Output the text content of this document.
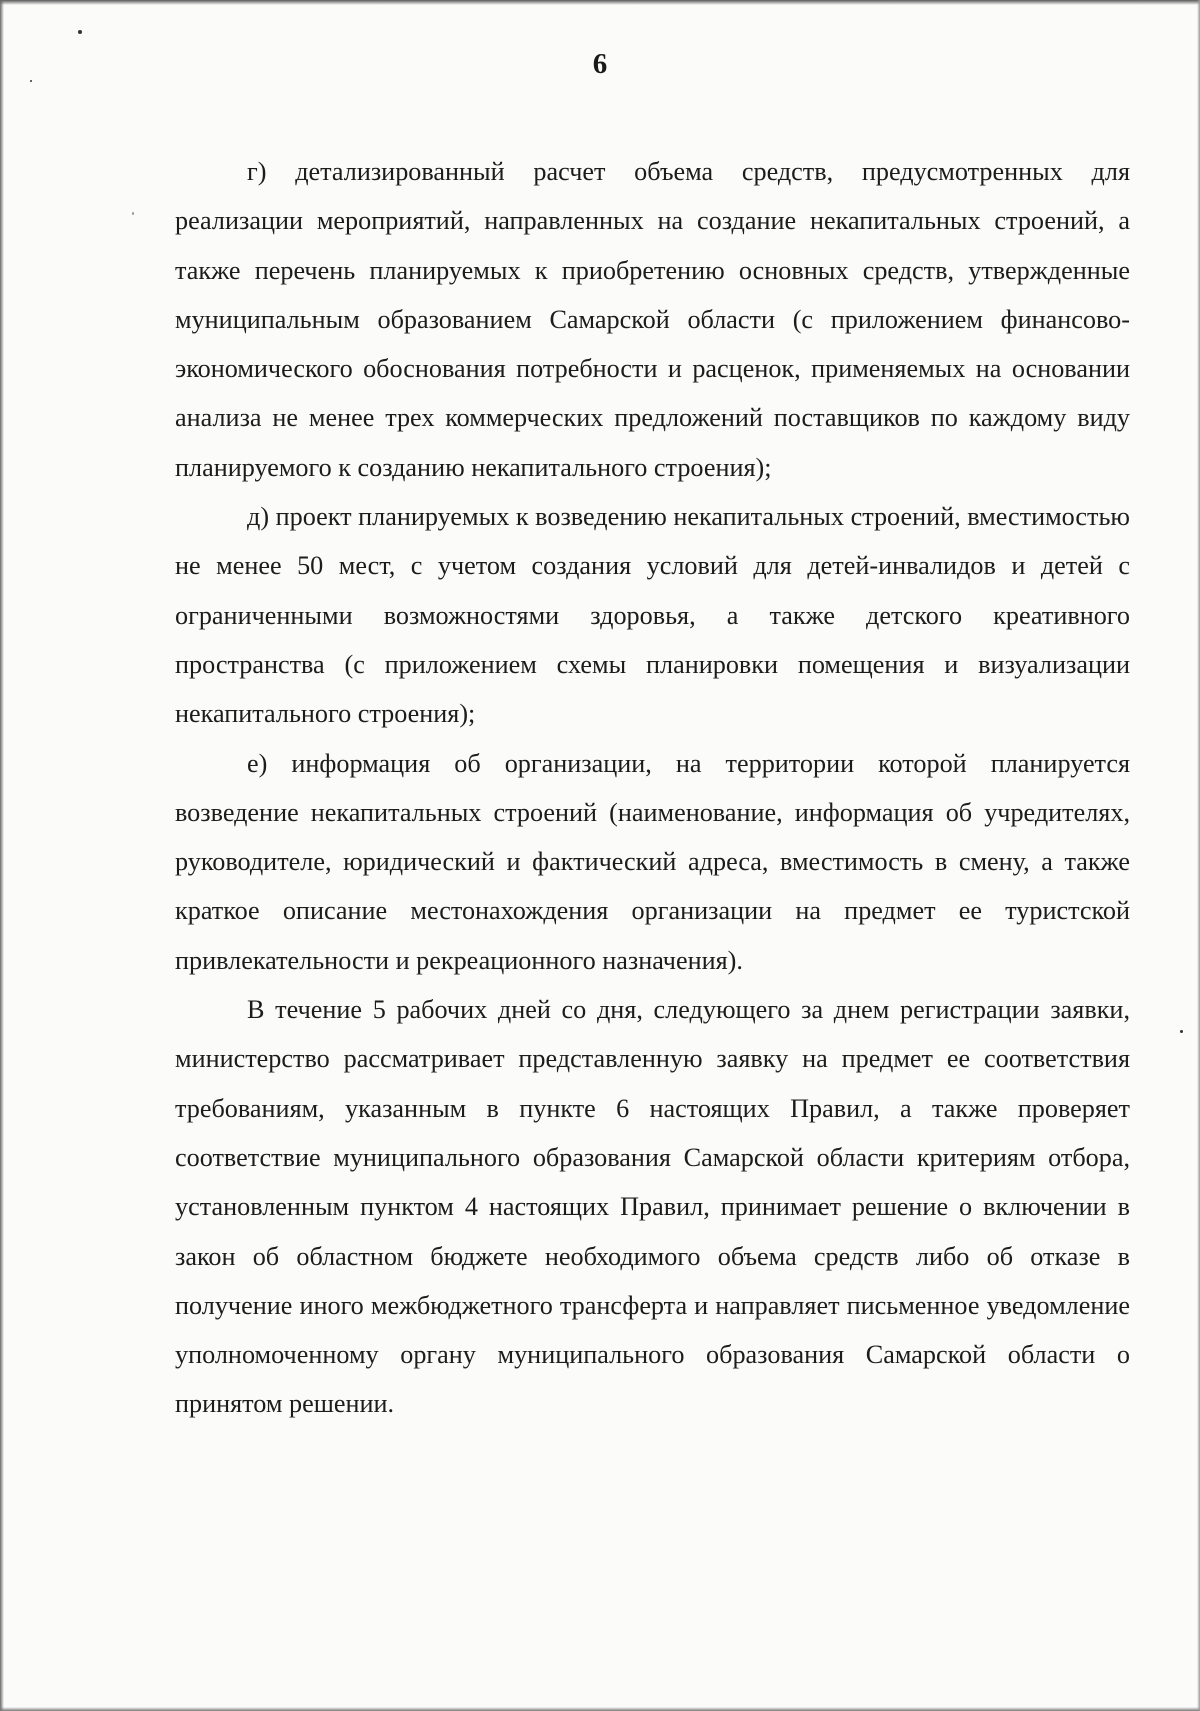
6

г) детализированный расчет объема средств, предусмотренных для реализации мероприятий, направленных на создание некапитальных строений, а также перечень планируемых к приобретению основных средств, утвержденные муниципальным образованием Самарской области (с приложением финансово-экономического обоснования потребности и расценок, применяемых на основании анализа не менее трех коммерческих предложений поставщиков по каждому виду планируемого к созданию некапитального строения);

д) проект планируемых к возведению некапитальных строений, вместимостью не менее 50 мест, с учетом создания условий для детей-инвалидов и детей с ограниченными возможностями здоровья, а также детского креативного пространства (с приложением схемы планировки помещения и визуализации некапитального строения);

е) информация об организации, на территории которой планируется возведение некапитальных строений (наименование, информация об учредителях, руководителе, юридический и фактический адреса, вместимость в смену, а также краткое описание местонахождения организации на предмет ее туристской привлекательности и рекреационного назначения).

В течение 5 рабочих дней со дня, следующего за днем регистрации заявки, министерство рассматривает представленную заявку на предмет ее соответствия требованиям, указанным в пункте 6 настоящих Правил, а также проверяет соответствие муниципального образования Самарской области критериям отбора, установленным пунктом 4 настоящих Правил, принимает решение о включении в закон об областном бюджете необходимого объема средств либо об отказе в получение иного межбюджетного трансферта и направляет письменное уведомление уполномоченному органу муниципального образования Самарской области о принятом решении.
